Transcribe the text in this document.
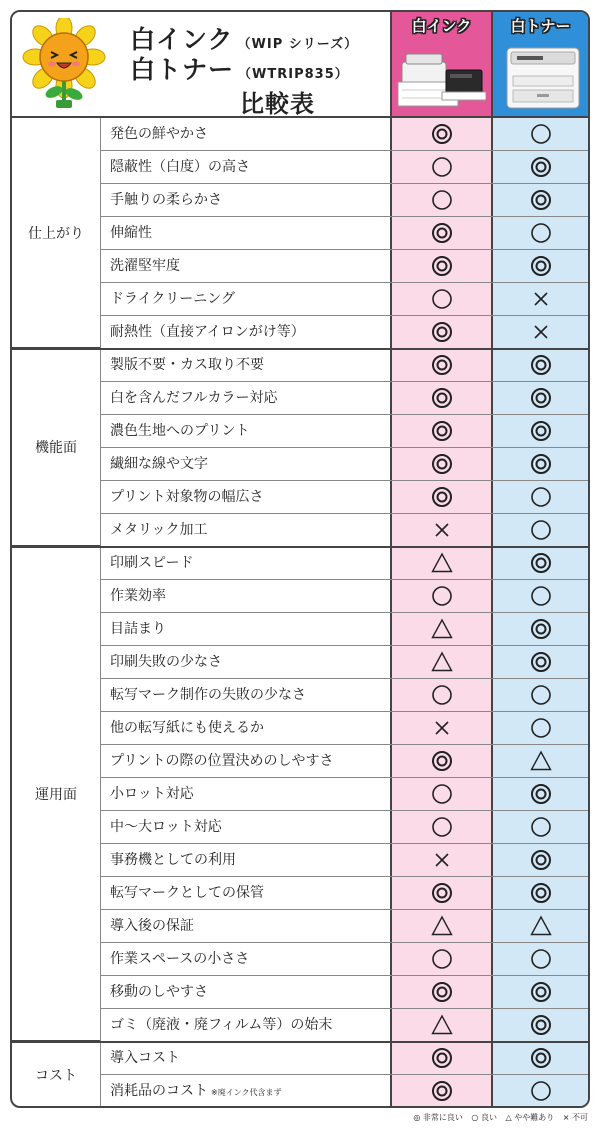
白インク （WIP シリーズ）
白トナー （WTRIP835）
比較表
白インク	白トナー
発色の鮮やかさ
隠蔽性（白度）の高さ
手触りの柔らかさ
伸縮性
洗濯堅牢度
ドライクリーニング
耐熱性（直接アイロンがけ等）
製版不要・カス取り不要
白を含んだフルカラー対応
濃色生地へのプリント
繊細な線や文字
プリント対象物の幅広さ
メタリック加工
印刷スピード
作業効率
目詰まり
印刷失敗の少なさ
転写マーク制作の失敗の少なさ
他の転写紙にも使えるか
プリントの際の位置決めのしやすさ
小ロット対応
中〜大ロット対応
事務機としての利用
転写マークとしての保管
導入後の保証
作業スペースの小ささ
移動のしやすさ
ゴミ（廃液・廃フィルム等）の始末
導入コスト
消耗品のコスト ※廃インク代含まず
仕上がり
機能面
運用面
コスト
◎ 非常に良い ○ 良い △ やや難あり × 不可
